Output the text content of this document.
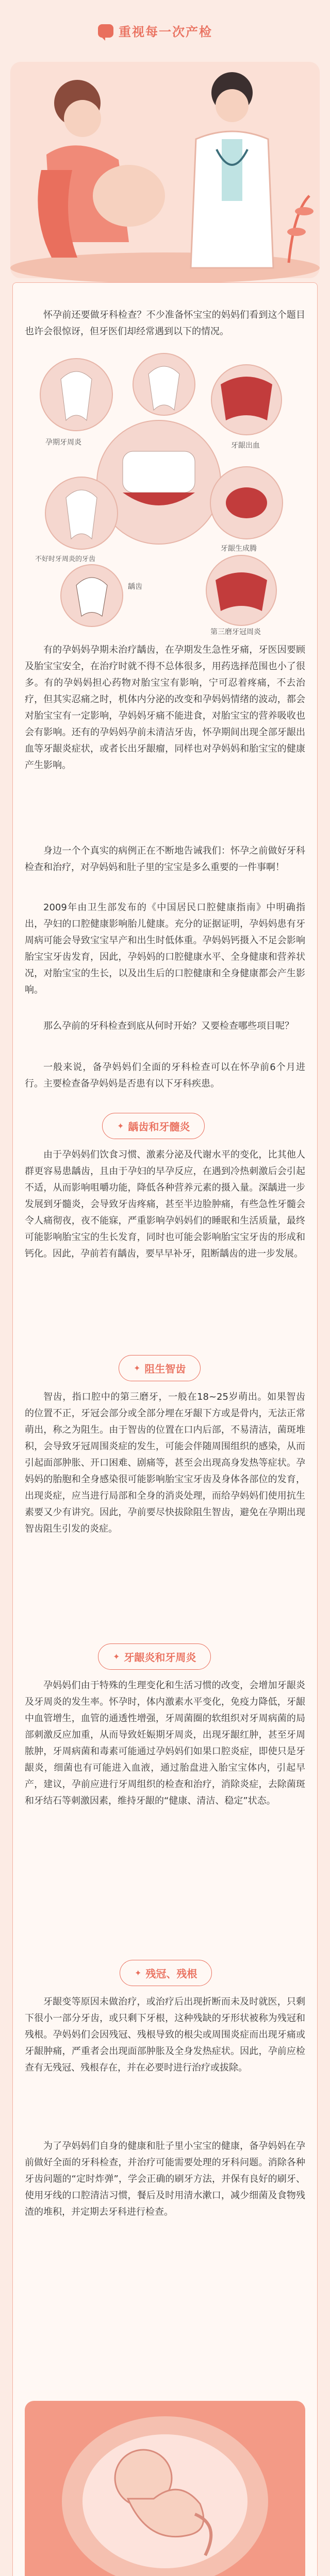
重视每一次产检

怀孕前还要做牙科检查？不少准备怀宝宝的妈妈们看到这个题目也许会很惊讶，但牙医们却经常遇到以下的情况。

孕期牙周炎	牙龈出血
不好时牙周炎的牙齿
牙龈生成腾
龋齿
第三磨牙冠周炎

有的孕妈妈孕期未治疗龋齿，在孕期发生急性牙痛，牙医因要顾及胎宝宝安全，在治疗时就不得不总体很多，用药选择范围也小了很多。有的孕妈妈担心药物对胎宝宝有影响，宁可忍着疼痛，不去治疗，但其实忍痛之时，机体内分泌的改变和孕妈妈情绪的波动，都会对胎宝宝有一定影响，孕妈妈牙痛不能进食，对胎宝宝的营养吸收也会有影响。还有的孕妈妈孕前未清洁牙齿，怀孕期间出现全部牙龈出血等牙龈炎症状，或者长出牙龈瘤，同样也对孕妈妈和胎宝宝的健康产生影响。

身边一个个真实的病例正在不断地告诫我们：怀孕之前做好牙科检查和治疗，对孕妈妈和肚子里的宝宝是多么重要的一件事啊！

2009年由卫生部发布的《中国居民口腔健康指南》中明确指出，孕妇的口腔健康影响胎儿健康。充分的证据证明，孕妈妈患有牙周病可能会导致宝宝早产和出生时低体重。孕妈妈钙摄入不足会影响胎宝宝牙齿发育，因此，孕妈妈的口腔健康水平、全身健康和营养状况，对胎宝宝的生长，以及出生后的口腔健康和全身健康都会产生影响。

那么孕前的牙科检查到底从何时开始？又要检查哪些项目呢？

一般来说，备孕妈妈们全面的牙科检查可以在怀孕前6个月进行。主要检查备孕妈妈是否患有以下牙科疾患。

✦ 龋齿和牙髓炎

由于孕妈妈们饮食习惯、激素分泌及代谢水平的变化，比其他人群更容易患龋齿，且由于孕妇的早孕反应，在遇到冷热刺激后会引起不适，从而影响咀嚼功能，降低各种营养元素的摄入量。深龋进一步发展到牙髓炎，会导致牙齿疼痛，甚至半边脸肿痛，有些急性牙髓会令人痛彻夜，夜不能寐，严重影响孕妈妈们的睡眠和生活质量，最终可能影响胎宝宝的生长发育，同时也可能会影响胎宝宝牙齿的形成和钙化。因此，孕前若有龋齿，要早早补牙，阻断龋齿的进一步发展。

✦ 阻生智齿

智齿，指口腔中的第三磨牙，一般在18~25岁萌出。如果智齿的位置不正，牙冠会部分或全部分埋在牙龈下方或是骨内，无法正常萌出，称之为阻生。由于智齿的位置在口内后部，不易清洁，菌斑堆积，会导致牙冠周围炎症的发生，可能会伴随周围组织的感染，从而引起面部肿胀、开口困难、剧痛等，甚至会出现高身发热等症状。孕妈妈的胎胞和全身感染很可能影响胎宝宝牙齿及身体各部位的发育，出现炎症，应当进行局部和全身的消炎处理，而给孕妈妈们使用抗生素要又少有讲究。因此，孕前要尽快拔除阻生智齿，避免在孕期出现智齿阻生引发的炎症。

✦ 牙龈炎和牙周炎

孕妈妈们由于特殊的生理变化和生活习惯的改变，会增加牙龈炎及牙周炎的发生率。怀孕时，体内激素水平变化，免疫力降低，牙龈中血管增生，血管的通透性增强，牙周菌圈的软组织对牙周病菌的局部刺激反应加重，从而导致妊娠期牙周炎，出现牙龈红肿，甚至牙周脓肿，牙周病菌和毒素可能通过孕妈妈们如果口腔炎症，即使只是牙龈炎，细菌也有可能进入血液，通过胎盘进入胎宝宝体内，引起早产，建议，孕前应进行牙周组织的检查和治疗，消除炎症，去除菌斑和牙结石等刺激因素，维持牙龈的“健康、清洁、稳定”状态。

✦ 残冠、残根

牙龈变等原因未做治疗，或治疗后出现折断而未及时就医，只剩下很小一部分牙齿，或只剩下牙根，这种残缺的牙形状被称为残冠和残根。孕妈妈们会因残冠、残根导致的根尖或周围炎症而出现牙痛或牙龈肿痛，严重者会出现面部肿胀及全身发热症状。因此，孕前应检查有无残冠、残根存在，并在必要时进行治疗或拔除。

为了孕妈妈们自身的健康和肚子里小宝宝的健康，备孕妈妈在孕前做好全面的牙科检查，并治疗可能需要处理的牙科问题。消除各种牙齿问题的“定时炸弹”，学会正确的刷牙方法，并保有良好的刷牙、使用牙线的口腔清洁习惯，餐后及时用清水漱口，减少细菌及食物残渣的堆积，并定期去牙科进行检查。
